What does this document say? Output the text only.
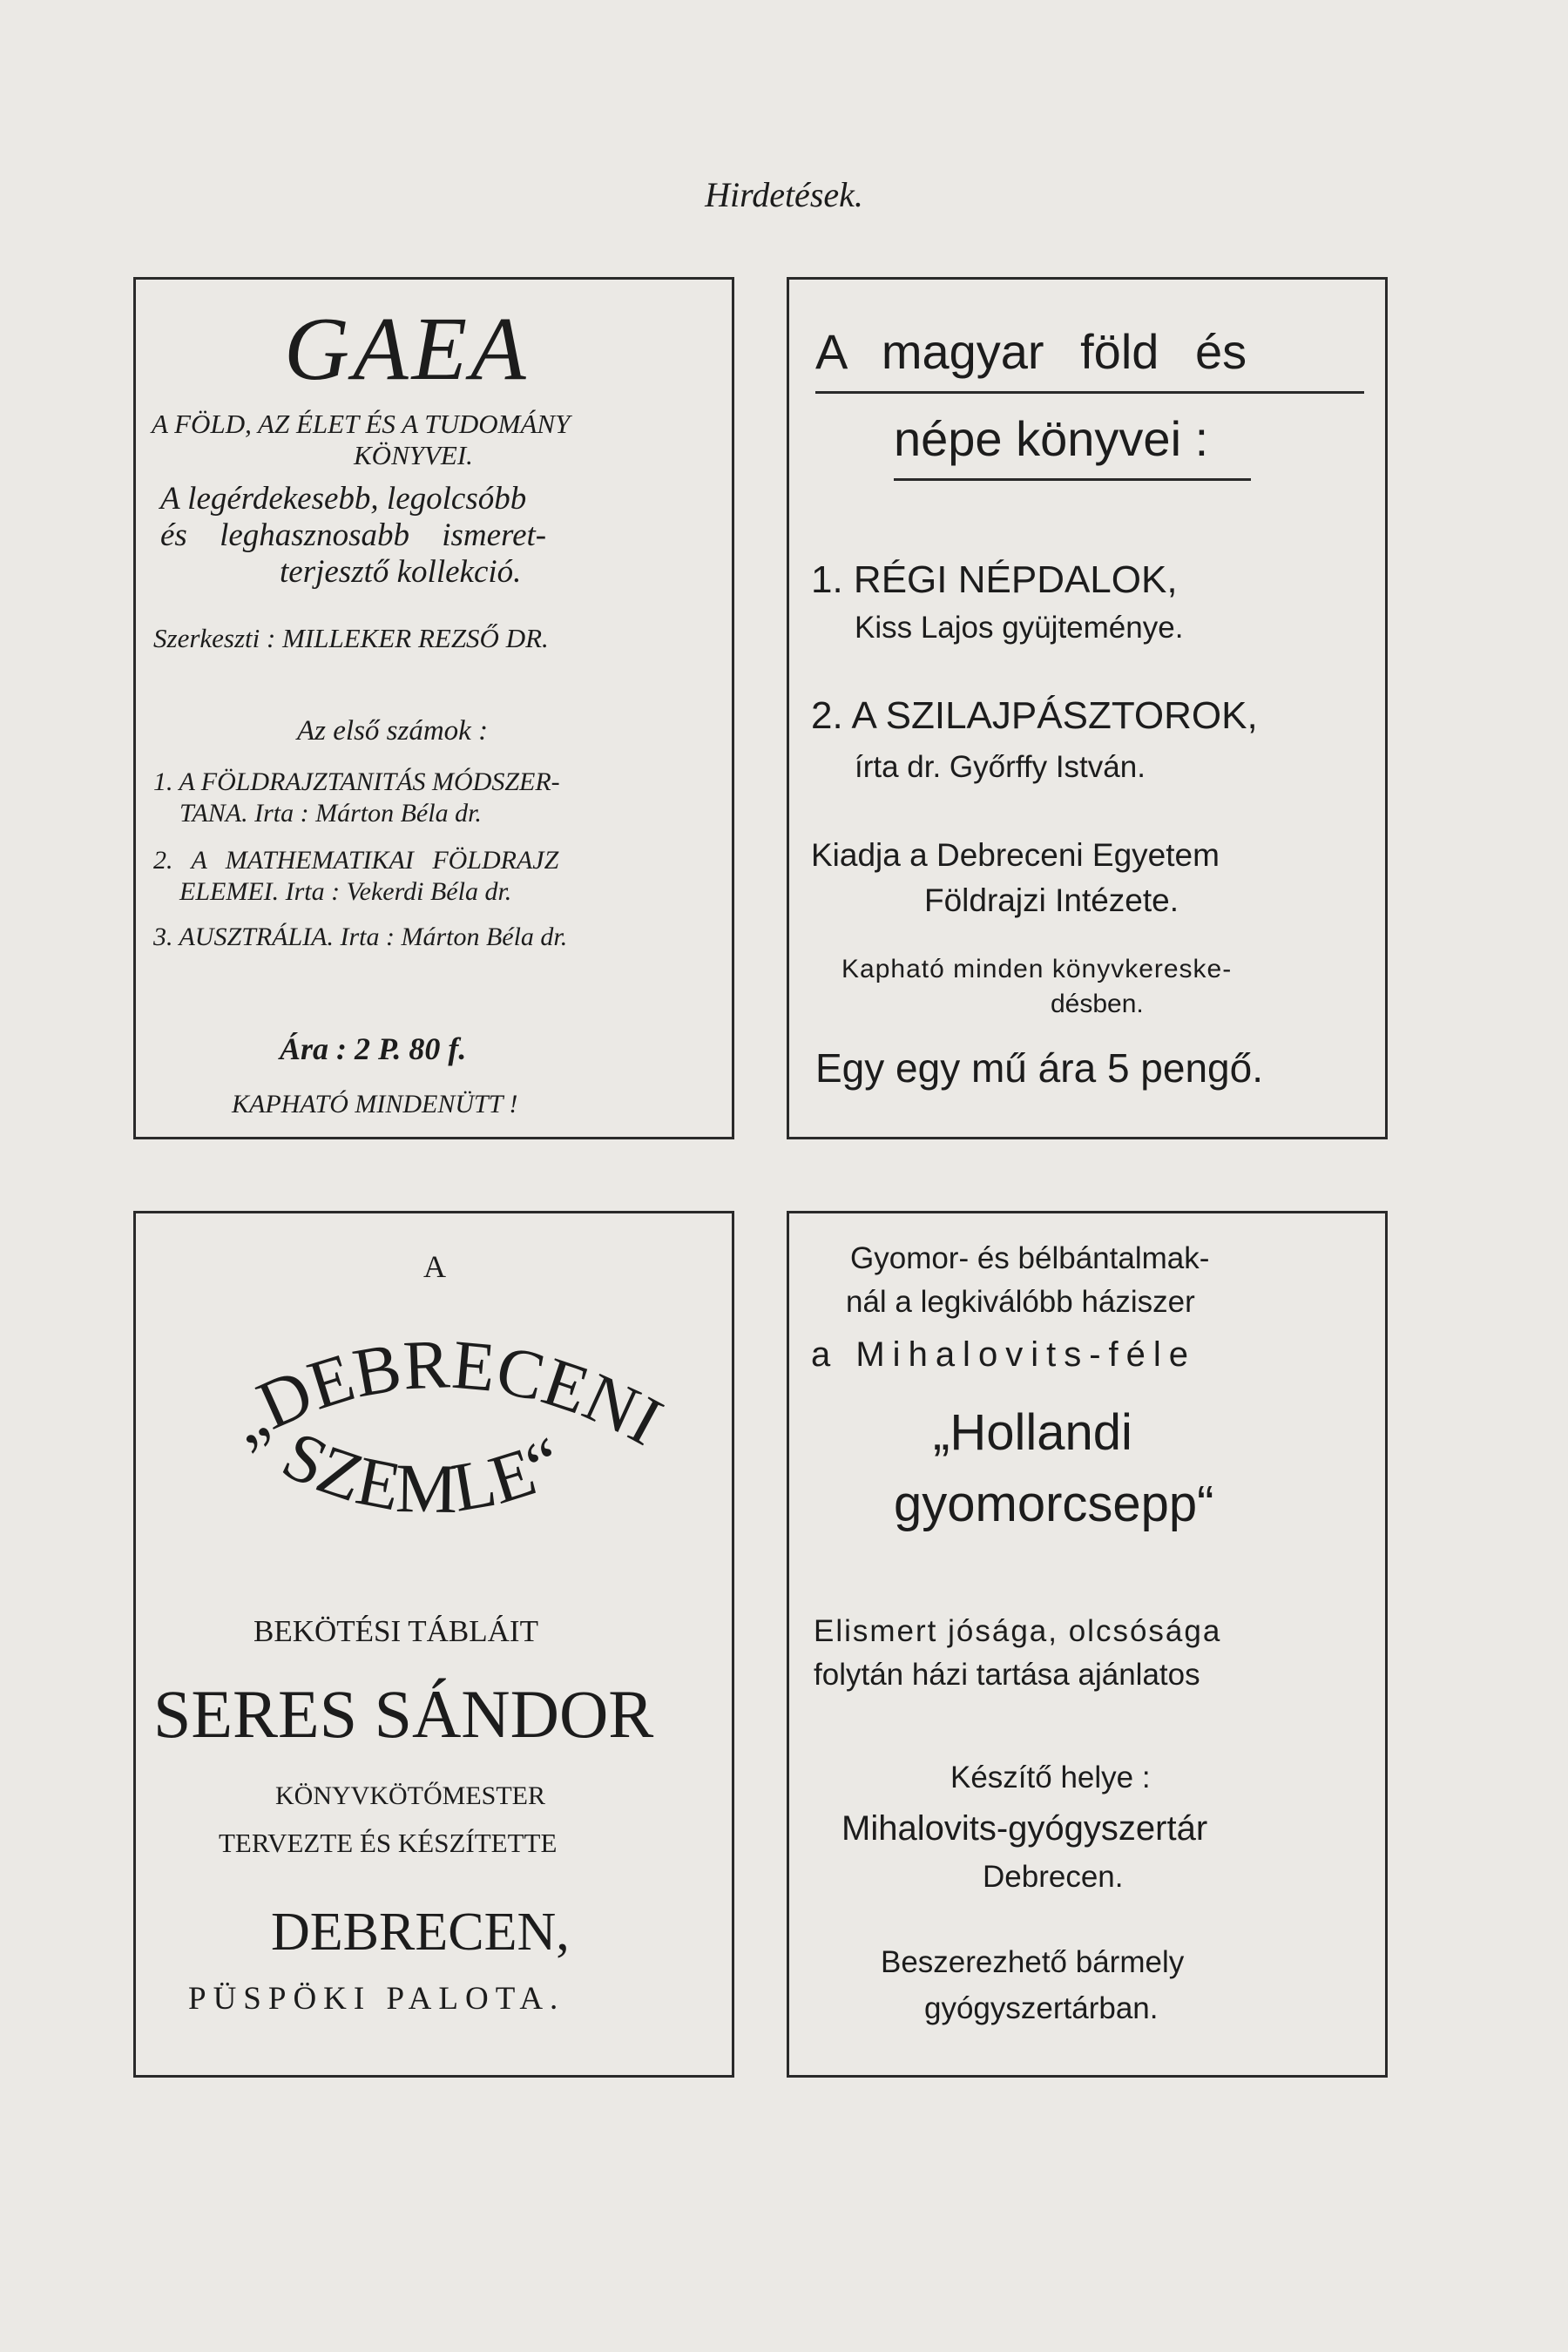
Hirdetések.
GAEA
A FÖLD, AZ ÉLET ÉS A TUDOMÁNY
KÖNYVEI.
A legérdekesebb, legolcsóbb
és leghasznosabb ismeret-
terjesztő kollekció.
Szerkeszti : MILLEKER REZSŐ DR.
Az első számok :
1. A FÖLDRAJZTANITÁS MÓDSZER-
TANA. Irta : Márton Béla dr.
2. A MATHEMATIKAI FÖLDRAJZ
ELEMEI. Irta : Vekerdi Béla dr.
3. AUSZTRÁLIA. Irta : Márton Béla dr.
Ára : 2 P. 80 f.
KAPHATÓ MINDENÜTT !
A magyar föld és
népe könyvei :
1. RÉGI NÉPDALOK,
Kiss Lajos gyüjteménye.
2. A SZILAJPÁSZTOROK,
írta dr. Győrffy István.
Kiadja a Debreceni Egyetem
Földrajzi Intézete.
Kapható minden könyvkereske-
désben.
Egy egy mű ára 5 pengő.
A
„DEBRECENI
SZEMLE“
BEKÖTÉSI TÁBLÁIT
SERES SÁNDOR
KÖNYVKÖTŐMESTER
TERVEZTE ÉS KÉSZÍTETTE
DEBRECEN,
PÜSPÖKI PALOTA.
Gyomor- és bélbántalmak-
nál a legkiválóbb háziszer
a Mihalovits-féle
„Hollandi
gyomorcsepp“
Elismert jósága, olcsósága
folytán házi tartása ajánlatos
Készítő helye :
Mihalovits-gyógyszertár
Debrecen.
Beszerezhető bármely
gyógyszertárban.
